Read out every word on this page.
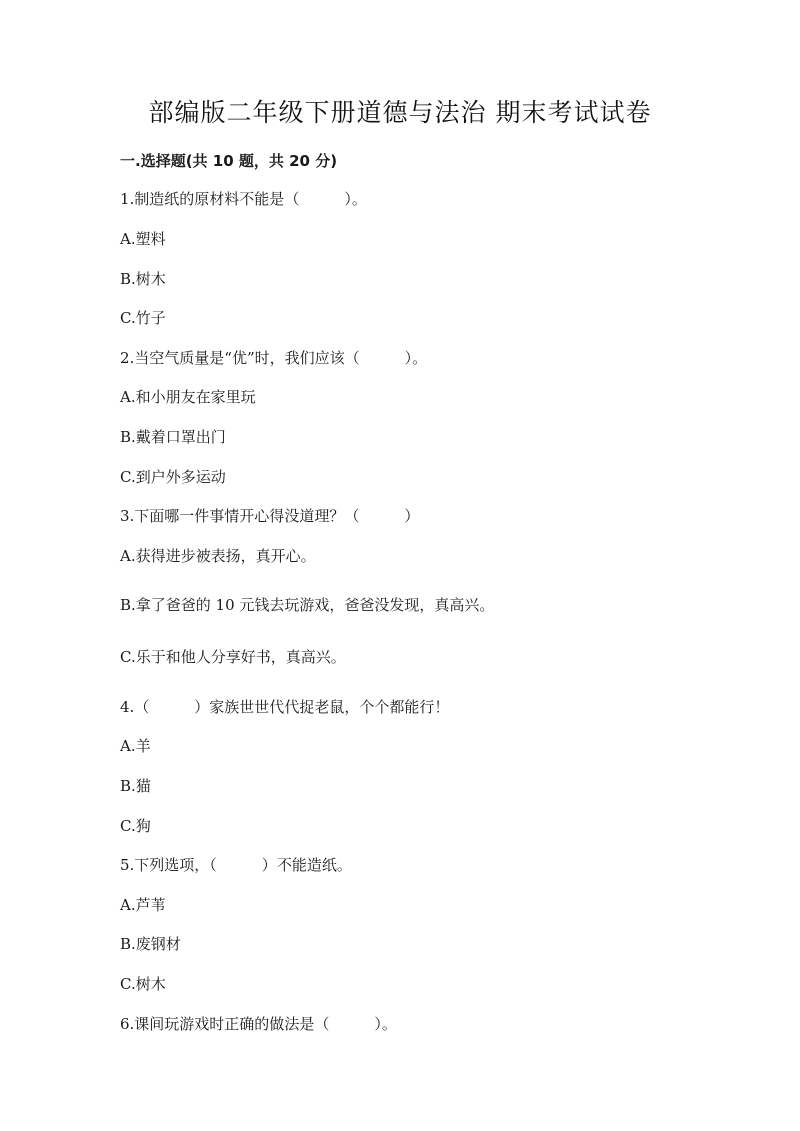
部编版二年级下册道德与法治 期末考试试卷
一.选择题(共 10 题，共 20 分)
1.制造纸的原材料不能是（　　　）。
A.塑料
B.树木
C.竹子
2.当空气质量是“优”时，我们应该（　　　）。
A.和小朋友在家里玩
B.戴着口罩出门
C.到户外多运动
3.下面哪一件事情开心得没道理？（　　　）
A.获得进步被表扬，真开心。
B.拿了爸爸的 10 元钱去玩游戏，爸爸没发现，真高兴。
C.乐于和他人分享好书，真高兴。
4.（　　　）家族世世代代捉老鼠，个个都能行！
A.羊
B.猫
C.狗
5.下列选项，（　　　）不能造纸。
A.芦苇
B.废钢材
C.树木
6.课间玩游戏时正确的做法是（　　　）。
